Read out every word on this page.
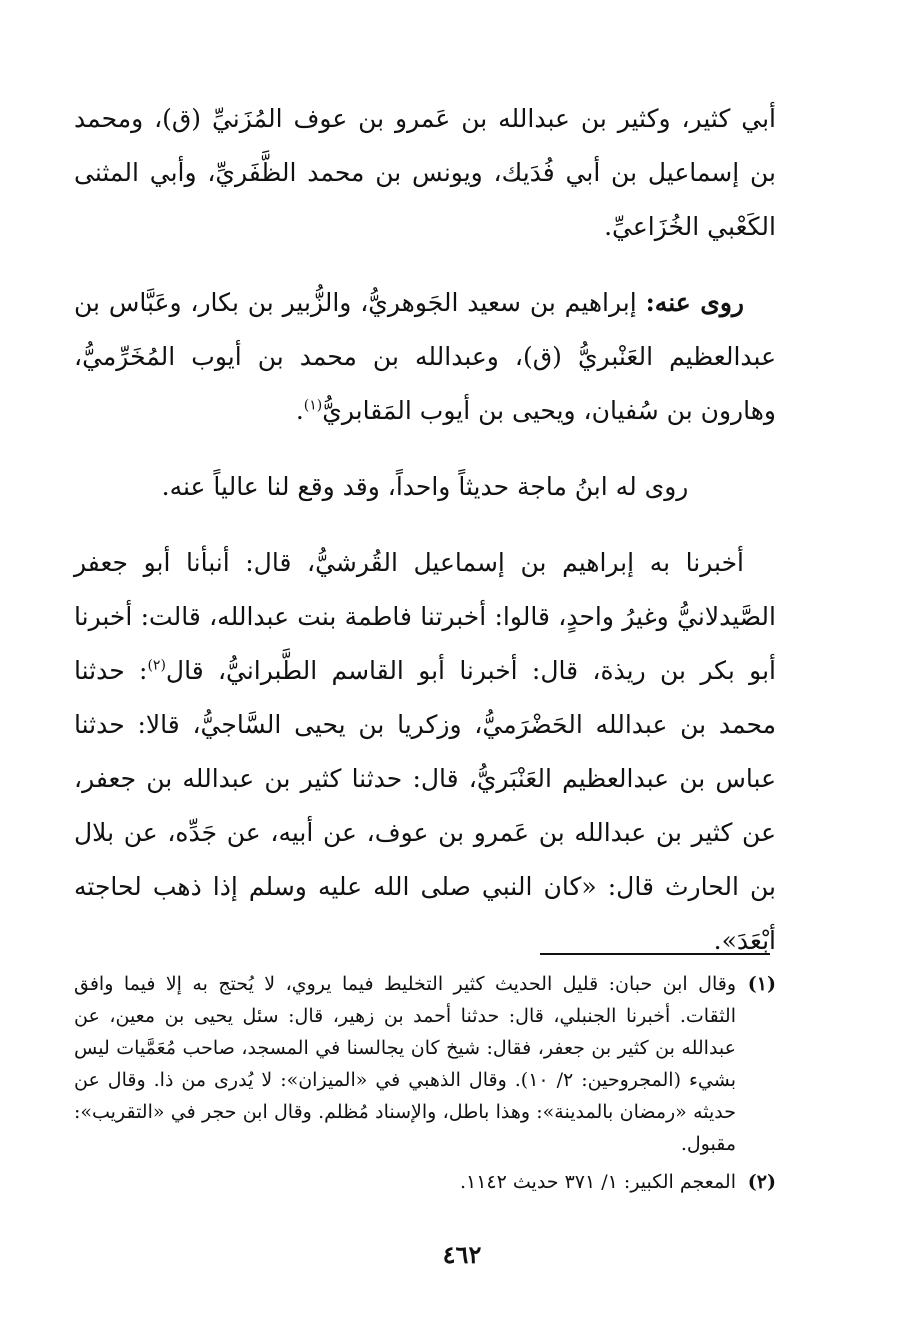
أبي كثير، وكثير بن عبدالله بن عَمرو بن عوف المُزَنيِّ (ق)، ومحمد بن إسماعيل بن أبي فُدَيك، ويونس بن محمد الظَّفَريِّ، وأبي المثنى الكَعْبي الخُزَاعيِّ.

روى عنه: إبراهيم بن سعيد الجَوهريُّ، والزُّبير بن بكار، وعَبَّاس بن عبدالعظيم العَنْبريُّ (ق)، وعبدالله بن محمد بن أيوب المُخَرِّميُّ، وهارون بن سُفيان، ويحيى بن أيوب المَقابريُّ$^{(١)}$.

روى له ابنُ ماجة حديثاً واحداً، وقد وقع لنا عالياً عنه.

أخبرنا به إبراهيم بن إسماعيل القُرشيُّ، قال: أنبأنا أبو جعفر الصَّيدلانيُّ وغيرُ واحدٍ، قالوا: أخبرتنا فاطمة بنت عبدالله، قالت: أخبرنا أبو بكر بن ريذة، قال: أخبرنا أبو القاسم الطَّبرانيُّ، قال$^{(٢)}$: حدثنا محمد بن عبدالله الحَضْرَميُّ، وزكريا بن يحيى السَّاجيُّ، قالا: حدثنا عباس بن عبدالعظيم العَنْبَريُّ، قال: حدثنا كثير بن عبدالله بن جعفر، عن كثير بن عبدالله بن عَمرو بن عوف، عن أبيه، عن جَدِّه، عن بلال بن الحارث قال: «كان النبي صلى الله عليه وسلم إذا ذهب لحاجته أبْعَدَ».

(١)
وقال ابن حبان: قليل الحديث كثير التخليط فيما يروي، لا يُحتج به إلا فيما وافق الثقات. أخبرنا الجنبلي، قال: حدثنا أحمد بن زهير، قال: سئل يحيى بن معين، عن عبدالله بن كثير بن جعفر، فقال: شيخ كان يجالسنا في المسجد، صاحب مُعَمَّيات ليس بشيء (المجروحين: ٢/ ١٠). وقال الذهبي في «الميزان»: لا يُدرى من ذا. وقال عن حديثه «رمضان بالمدينة»: وهذا باطل، والإسناد مُظلم. وقال ابن حجر في «التقريب»: مقبول.
(٢)
المعجم الكبير: ١/ ٣٧١ حديث ١١٤٢.
٤٦٢
